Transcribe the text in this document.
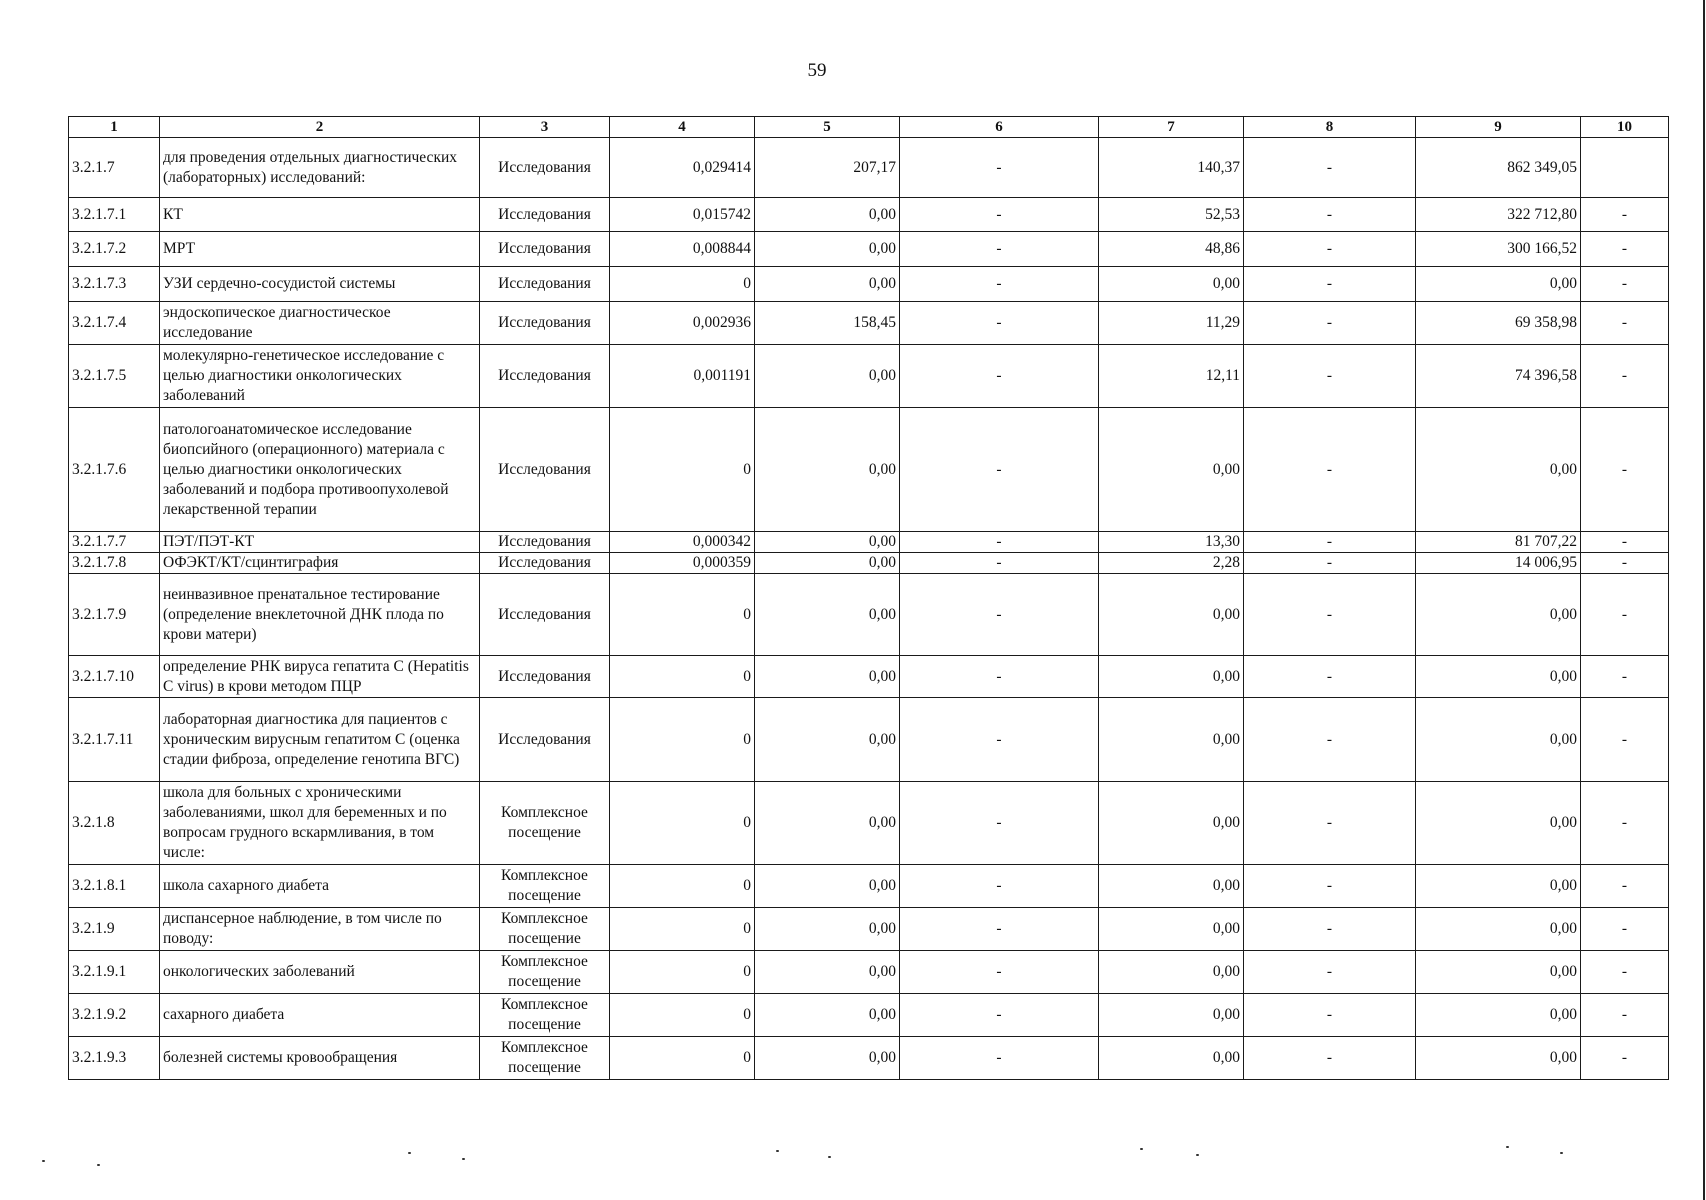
59
1	2	3	4	5	6	7	8	9	10
3.2.1.7	для проведения отдельных диагностических (лабораторных) исследований:	Исследования	0,029414	207,17	-	140,37	-	862 349,05	
3.2.1.7.1	КТ	Исследования	0,015742	0,00	-	52,53	-	322 712,80	-
3.2.1.7.2	МРТ	Исследования	0,008844	0,00	-	48,86	-	300 166,52	-
3.2.1.7.3	УЗИ сердечно-сосудистой системы	Исследования	0	0,00	-	0,00	-	0,00	-
3.2.1.7.4	эндоскопическое диагностическое исследование	Исследования	0,002936	158,45	-	11,29	-	69 358,98	-
3.2.1.7.5	молекулярно-генетическое исследование с целью диагностики онкологических заболеваний	Исследования	0,001191	0,00	-	12,11	-	74 396,58	-
3.2.1.7.6	патологоанатомическое исследование биопсийного (операционного) материала с целью диагностики онкологических заболеваний и подбора противоопухолевой лекарственной терапии	Исследования	0	0,00	-	0,00	-	0,00	-
3.2.1.7.7	ПЭТ/ПЭТ-КТ	Исследования	0,000342	0,00	-	13,30	-	81 707,22	-
3.2.1.7.8	ОФЭКТ/КТ/сцинтиграфия	Исследования	0,000359	0,00	-	2,28	-	14 006,95	-
3.2.1.7.9	неинвазивное пренатальное тестирование (определение внеклеточной ДНК плода по крови матери)	Исследования	0	0,00	-	0,00	-	0,00	-
3.2.1.7.10	определение РНК вируса гепатита С (Hepatitis C virus) в крови методом ПЦР	Исследования	0	0,00	-	0,00	-	0,00	-
3.2.1.7.11	лабораторная диагностика для пациентов с хроническим вирусным гепатитом С (оценка стадии фиброза, определение генотипа ВГС)	Исследования	0	0,00	-	0,00	-	0,00	-
3.2.1.8	школа для больных с хроническими заболеваниями, школ для беременных и по вопросам грудного вскармливания, в том числе:	Комплексное посещение	0	0,00	-	0,00	-	0,00	-
3.2.1.8.1	школа сахарного диабета	Комплексное посещение	0	0,00	-	0,00	-	0,00	-
3.2.1.9	диспансерное наблюдение, в том числе по поводу:	Комплексное посещение	0	0,00	-	0,00	-	0,00	-
3.2.1.9.1	онкологических заболеваний	Комплексное посещение	0	0,00	-	0,00	-	0,00	-
3.2.1.9.2	сахарного диабета	Комплексное посещение	0	0,00	-	0,00	-	0,00	-
3.2.1.9.3	болезней системы кровообращения	Комплексное посещение	0	0,00	-	0,00	-	0,00	-
